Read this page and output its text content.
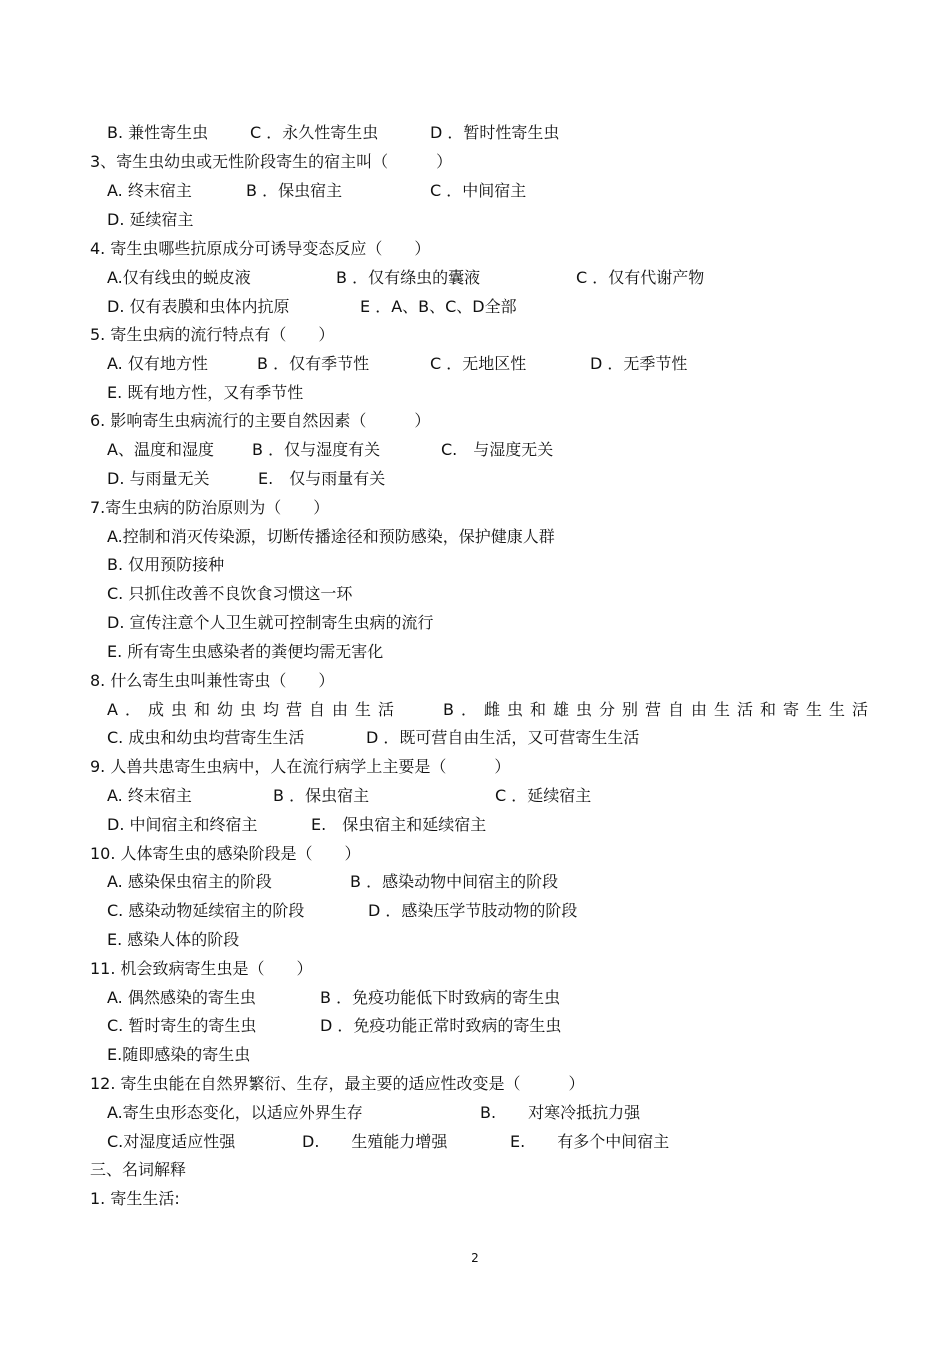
B. 兼性寄生虫	C ．永久性寄生虫	D ．暂时性寄生虫
3、寄生虫幼虫或无性阶段寄生的宿主叫（　　　）
A. 终末宿主	B ．保虫宿主	C ．中间宿主
D. 延续宿主
4. 寄生虫哪些抗原成分可诱导变态反应（　　）
A.仅有线虫的蜕皮液	B ．仅有绦虫的囊液	C ．仅有代谢产物
D. 仅有表膜和虫体内抗原	E ．A、B、C、D全部
5. 寄生虫病的流行特点有（　　）
A. 仅有地方性	B ．仅有季节性	C ．无地区性	D ．无季节性
E. 既有地方性，又有季节性
6. 影响寄生虫病流行的主要自然因素（　　　）
A、温度和湿度 B ．仅与湿度有关	C.　与湿度无关
D. 与雨量无关	E.　仅与雨量有关
7.寄生虫病的防治原则为（　　）
A.控制和消灭传染源，切断传播途径和预防感染，保护健康人群
B. 仅用预防接种
C. 只抓住改善不良饮食习惯这一环
D. 宣传注意个人卫生就可控制寄生虫病的流行
E. 所有寄生虫感染者的粪便均需无害化
8. 什么寄生虫叫兼性寄虫（　　）
A．成虫和幼虫均营自由生活	B．雌虫和雄虫分别营自由生活和寄生生活
C. 成虫和幼虫均营寄生生活	D ．既可营自由生活，又可营寄生生活
9. 人兽共患寄生虫病中，人在流行病学上主要是（　　　）
A. 终末宿主	B ．保虫宿主	C ．延续宿主
D. 中间宿主和终宿主	E.　保虫宿主和延续宿主
10. 人体寄生虫的感染阶段是（　　）
A. 感染保虫宿主的阶段	B ．感染动物中间宿主的阶段
C. 感染动物延续宿主的阶段	D ．感染压学节肢动物的阶段
E. 感染人体的阶段
11. 机会致病寄生虫是（　　）
A. 偶然感染的寄生虫	B ．免疫功能低下时致病的寄生虫
C. 暂时寄生的寄生虫	D ．免疫功能正常时致病的寄生虫
E.随即感染的寄生虫
12. 寄生虫能在自然界繁衍、生存，最主要的适应性改变是（　　　）
A.寄生虫形态变化，以适应外界生存	B.　　对寒冷抵抗力强
C.对湿度适应性强	D.　　生殖能力增强	E.　　有多个中间宿主
三、名词解释
1. 寄生生活:
2
